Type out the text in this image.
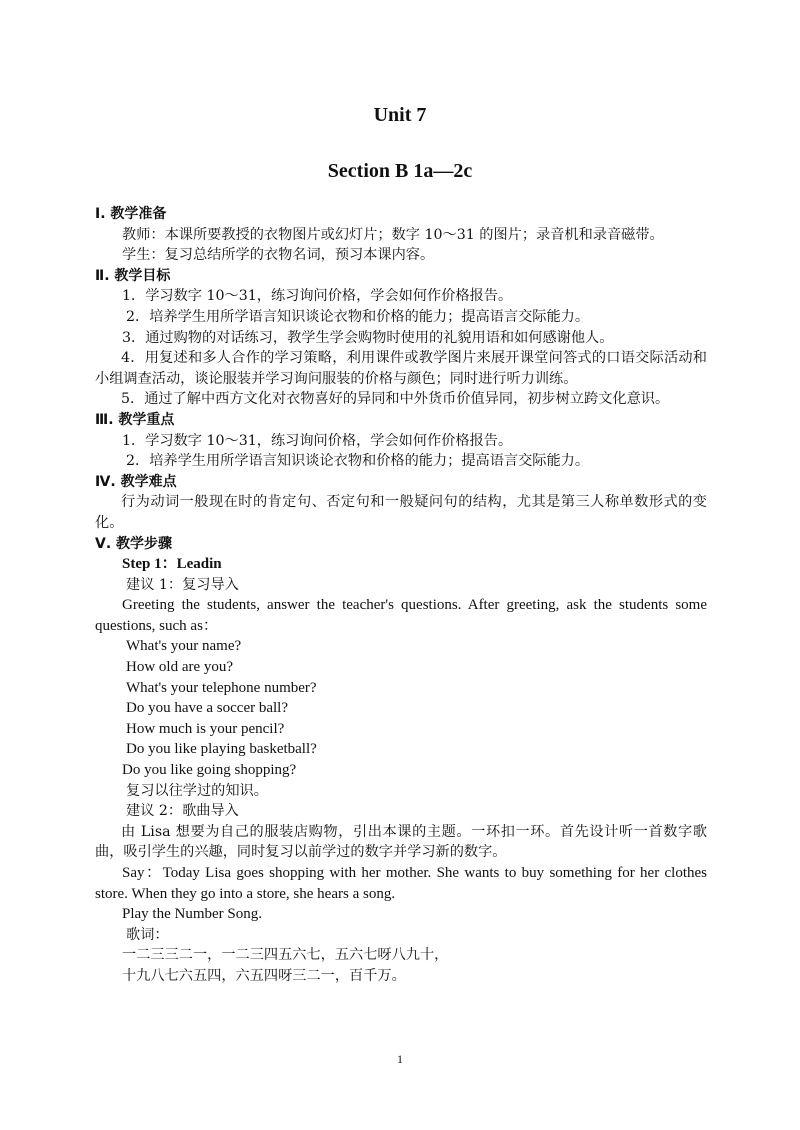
Unit 7
Section B 1a—2c

Ⅰ. 教学准备

教师：本课所要教授的衣物图片或幻灯片；数字 10～31 的图片；录音机和录音磁带。

学生：复习总结所学的衣物名词，预习本课内容。

Ⅱ. 教学目标

1．学习数字 10～31，练习询问价格，学会如何作价格报告。

2．培养学生用所学语言知识谈论衣物和价格的能力；提高语言交际能力。

3．通过购物的对话练习，教学生学会购物时使用的礼貌用语和如何感谢他人。

4．用复述和多人合作的学习策略，利用课件或教学图片来展开课堂问答式的口语交际活动和小组调查活动，谈论服装并学习询问服装的价格与颜色；同时进行听力训练。

5．通过了解中西方文化对衣物喜好的异同和中外货币价值异同，初步树立跨文化意识。

Ⅲ. 教学重点

1．学习数字 10～31，练习询问价格，学会如何作价格报告。

2．培养学生用所学语言知识谈论衣物和价格的能力；提高语言交际能力。

Ⅳ. 教学难点

行为动词一般现在时的肯定句、否定句和一般疑问句的结构，尤其是第三人称单数形式的变化。

Ⅴ. 教学步骤

Step 1：Leadin

建议 1：复习导入

Greeting the students, answer the teacher's questions. After greeting, ask the students some questions, such as：

What's your name?

How old are you?

What's your telephone number?

Do you have a soccer ball?

How much is your pencil?

Do you like playing basketball?

Do you like going shopping?

复习以往学过的知识。

建议 2：歌曲导入

由 Lisa 想要为自己的服装店购物，引出本课的主题。一环扣一环。首先设计听一首数字歌曲，吸引学生的兴趣，同时复习以前学过的数字并学习新的数字。

Say：Today Lisa goes shopping with her mother. She wants to buy something for her clothes store. When they go into a store, she hears a song.

Play the Number Song.

歌词：

一二三三二一，一二三四五六七，五六七呀八九十，

十九八七六五四，六五四呀三二一，百千万。

1
